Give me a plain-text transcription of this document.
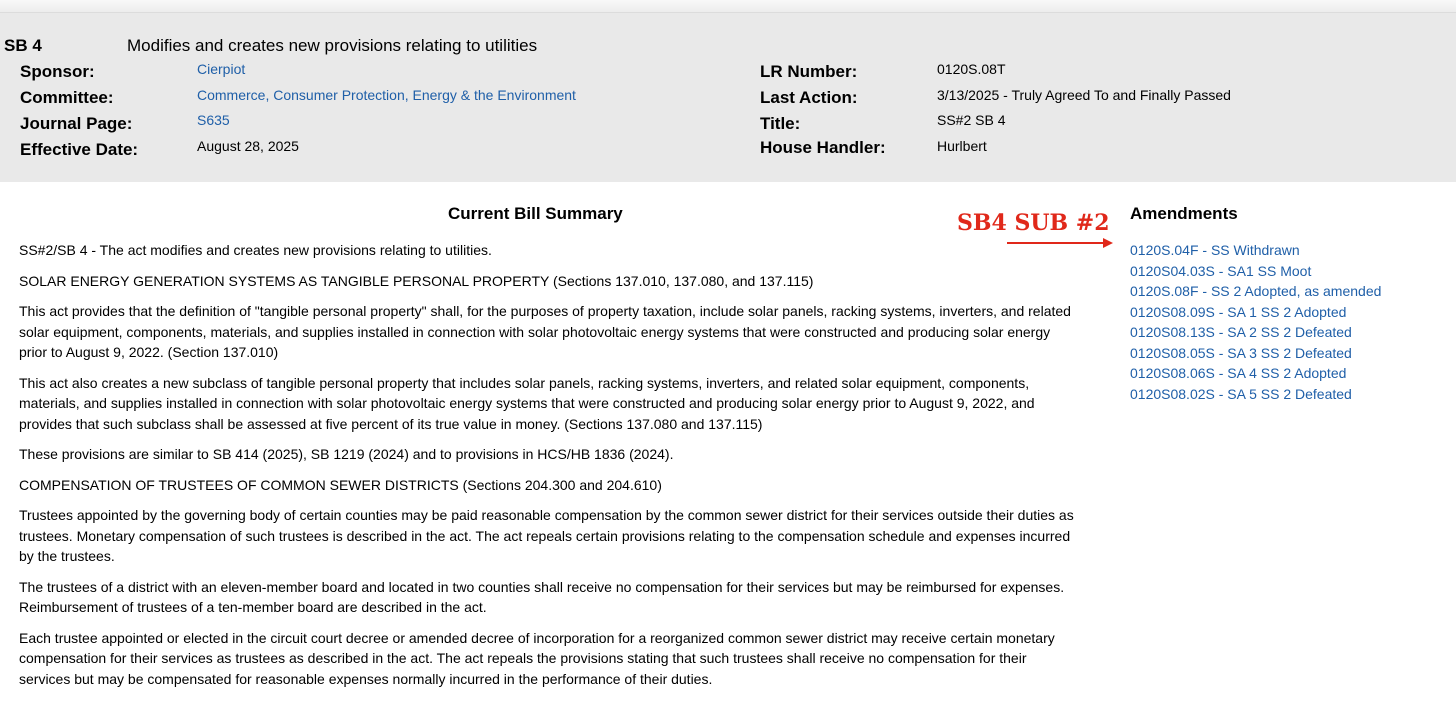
SB 4	Modifies and creates new provisions relating to utilities
Sponsor:	Cierpiot
Committee:	Commerce, Consumer Protection, Energy & the Environment
Journal Page:	S635
Effective Date:	August 28, 2025
LR Number:	0120S.08T
Last Action:	3/13/2025 - Truly Agreed To and Finally Passed
Title:	SS#2 SB 4
House Handler:	Hurlbert
Current Bill Summary

SS#2/SB 4 - The act modifies and creates new provisions relating to utilities.

SOLAR ENERGY GENERATION SYSTEMS AS TANGIBLE PERSONAL PROPERTY (Sections 137.010, 137.080, and 137.115)

This act provides that the definition of "tangible personal property" shall, for the purposes of property taxation, include solar panels, racking systems, inverters, and related solar equipment, components, materials, and supplies installed in connection with solar photovoltaic energy systems that were constructed and producing solar energy prior to August 9, 2022. (Section 137.010)

This act also creates a new subclass of tangible personal property that includes solar panels, racking systems, inverters, and related solar equipment, components, materials, and supplies installed in connection with solar photovoltaic energy systems that were constructed and producing solar energy prior to August 9, 2022, and provides that such subclass shall be assessed at five percent of its true value in money. (Sections 137.080 and 137.115)

These provisions are similar to SB 414 (2025), SB 1219 (2024) and to provisions in HCS/HB 1836 (2024).

COMPENSATION OF TRUSTEES OF COMMON SEWER DISTRICTS (Sections 204.300 and 204.610)

Trustees appointed by the governing body of certain counties may be paid reasonable compensation by the common sewer district for their services outside their duties as trustees. Monetary compensation of such trustees is described in the act. The act repeals certain provisions relating to the compensation schedule and expenses incurred by the trustees.

The trustees of a district with an eleven-member board and located in two counties shall receive no compensation for their services but may be reimbursed for expenses. Reimbursement of trustees of a ten-member board are described in the act.

Each trustee appointed or elected in the circuit court decree or amended decree of incorporation for a reorganized common sewer district may receive certain monetary compensation for their services as trustees as described in the act. The act repeals the provisions stating that such trustees shall receive no compensation for their services but may be compensated for reasonable expenses normally incurred in the performance of their duties.

SB4 SUB #2 Amendments
0120S.04F - SS Withdrawn
0120S04.03S - SA1 SS Moot
0120S.08F - SS 2 Adopted, as amended
0120S08.09S - SA 1 SS 2 Adopted
0120S08.13S - SA 2 SS 2 Defeated
0120S08.05S - SA 3 SS 2 Defeated
0120S08.06S - SA 4 SS 2 Adopted
0120S08.02S - SA 5 SS 2 Defeated
